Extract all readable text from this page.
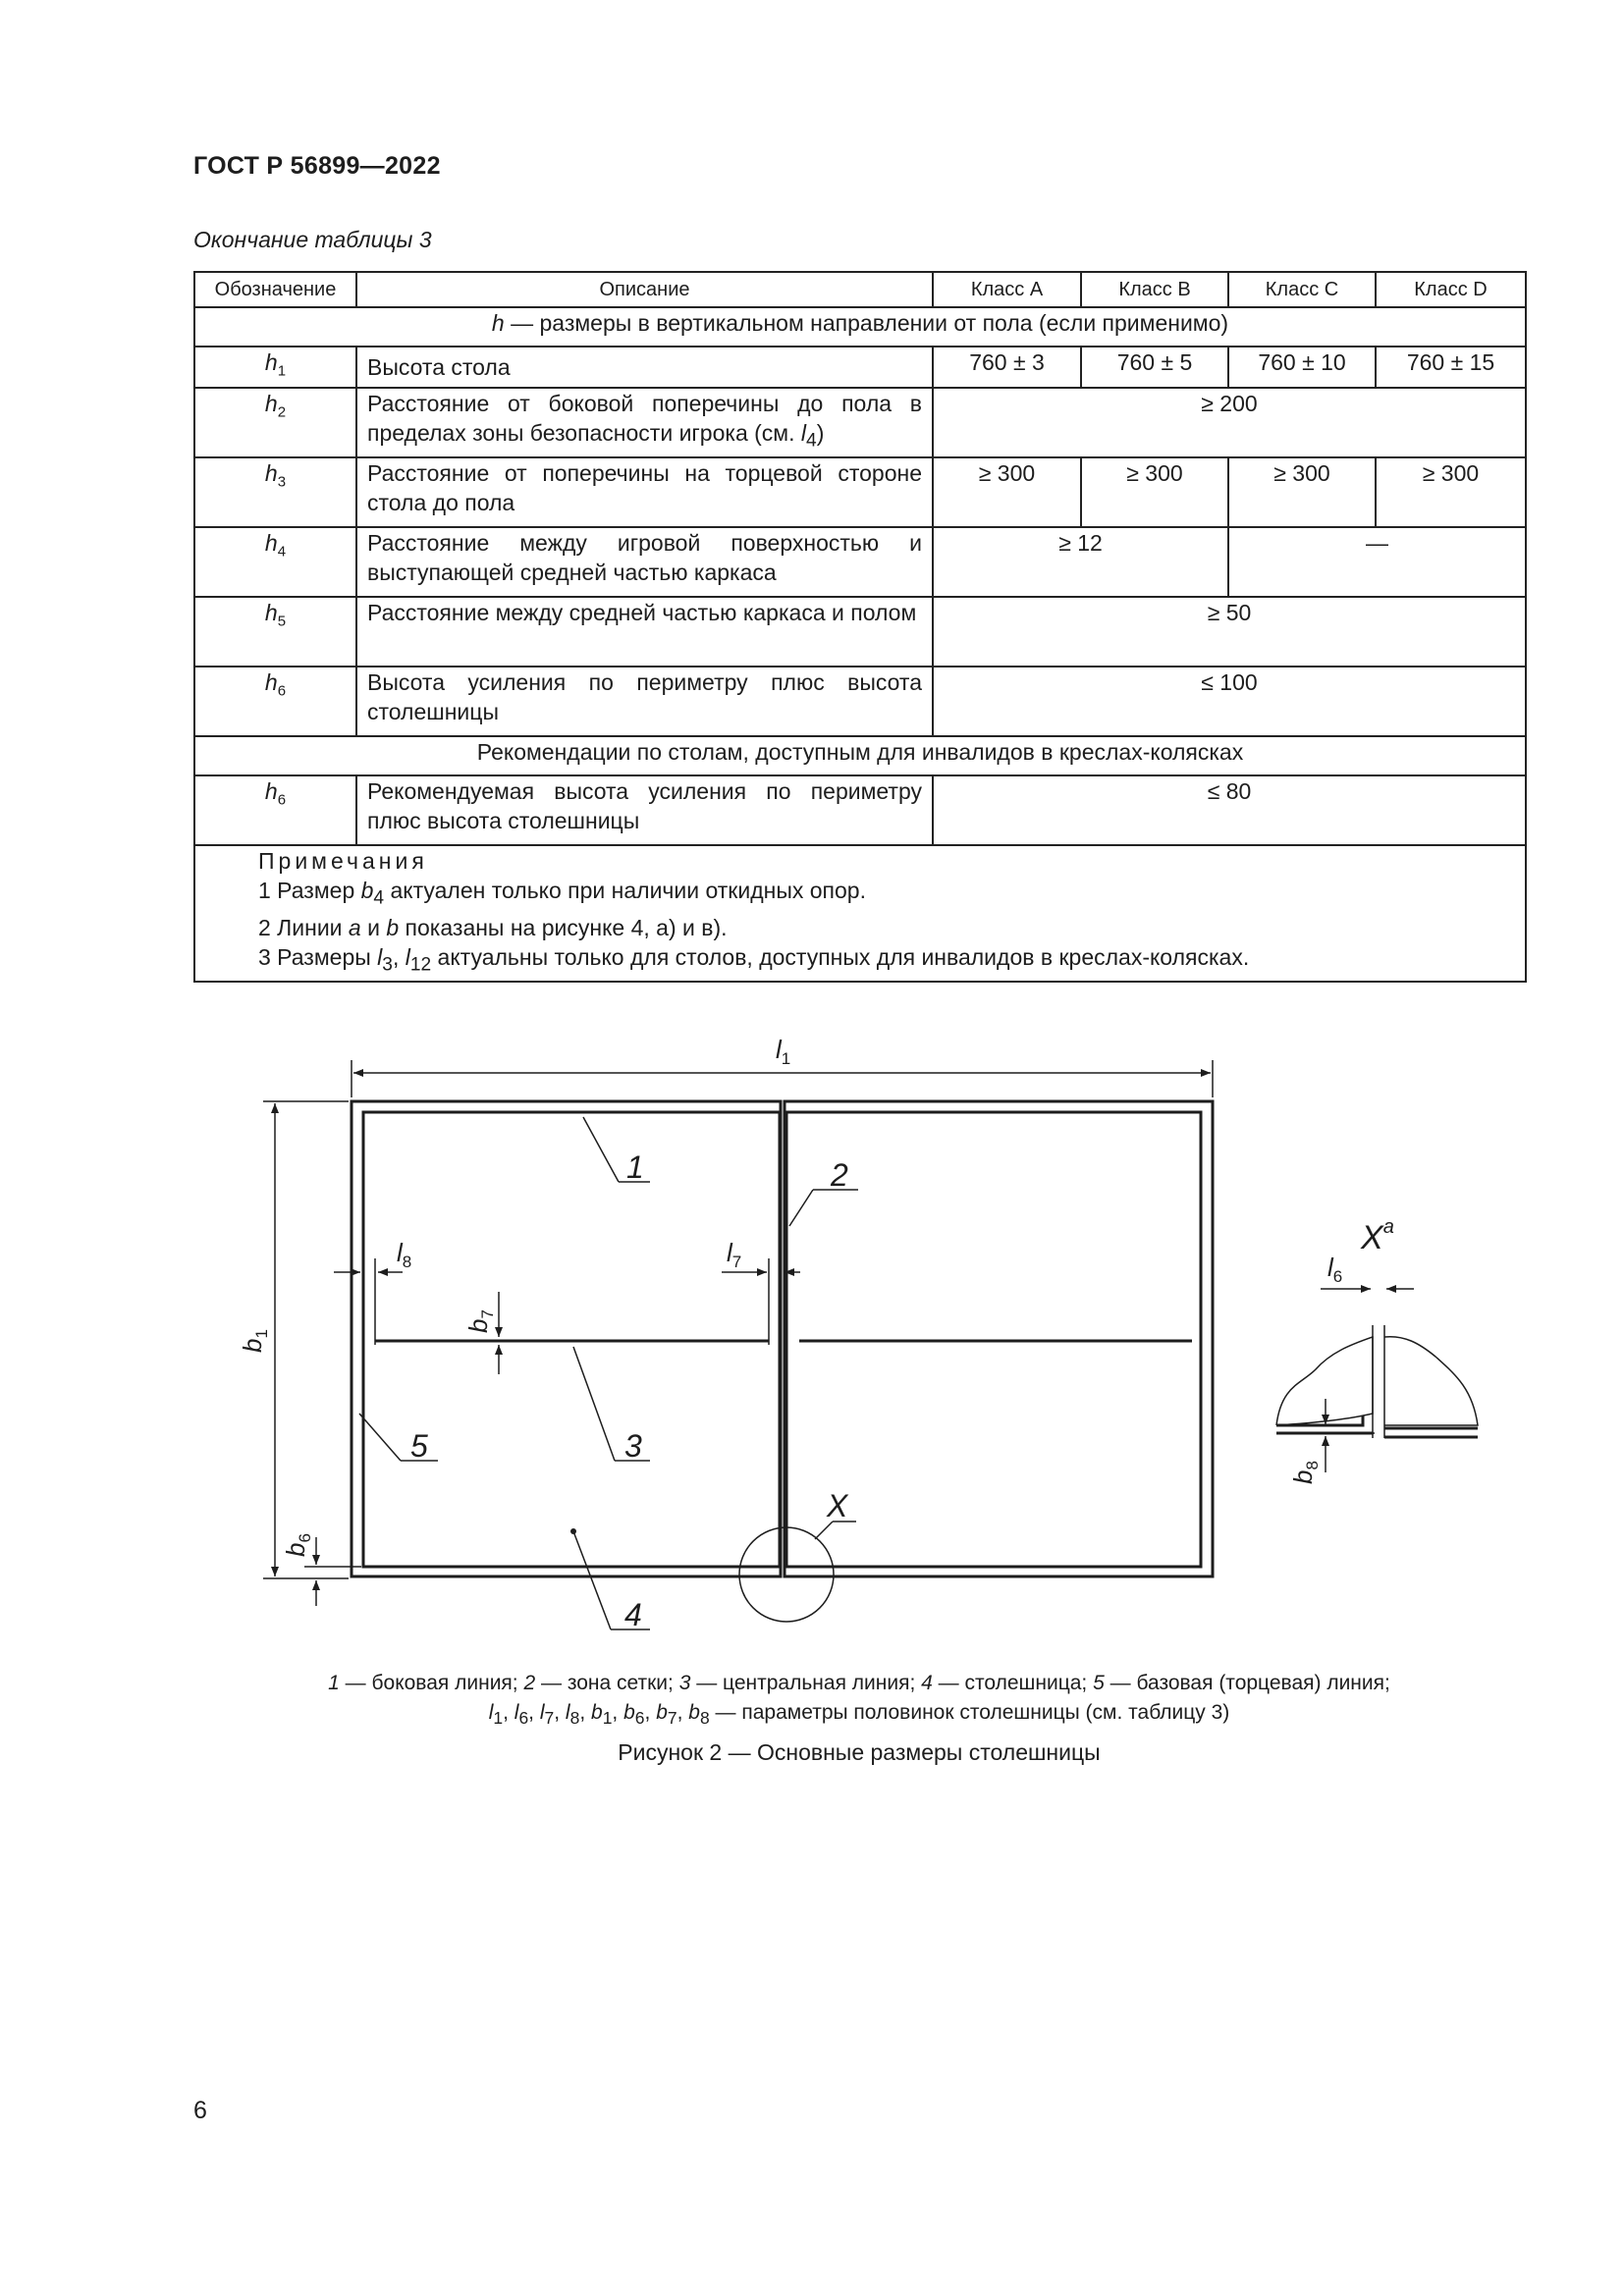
ГОСТ Р 56899—2022
Окончание таблицы 3
Обозначение	Описание	Класс A	Класс B	Класс C	Класс D
h — размеры в вертикальном направлении от пола (если применимо)					
$h_1$	Высота стола	760 ± 3	760 ± 5	760 ± 10	760 ± 15
$h_2$	Расстояние от боковой поперечины до пола в пределах зоны безопасности игрока (см. $l_4$)	≥ 200			
$h_3$	Расстояние от поперечины на торцевой стороне стола до пола	≥ 300	≥ 300	≥ 300	≥ 300
$h_4$	Расстояние между игровой поверхностью и выступающей средней частью каркаса	≥ 12		—	
$h_5$	Расстояние между средней частью каркаса и полом	≥ 50			
$h_6$	Высота усиления по периметру плюс высота столешницы	≤ 100			
Рекомендации по столам, доступным для инвалидов в креслах-колясках					
$h_6$	Рекомендуемая высота усиления по периметру плюс высота столешницы	≤ 80			

Примечания
1 Размер $b_4$ актуален только при наличии откидных опор.
2 Линии a и b показаны на рисунке 4, а) и в).
3 Размеры $l_3$, $l_{12}$ актуальны только для столов, доступных для инвалидов в креслах-колясках.					
$l_1$
$b_1$
$l_8$	$l_7$
$b_7$
$b_6$
1	2
3
5
4
X
$X^a$
$l_6$
$b_8$
1 — боковая линия; 2 — зона сетки; 3 — центральная линия; 4 — столешница; 5 — базовая (торцевая) линия;
$l_1$, $l_6$, $l_7$, $l_8$, $b_1$, $b_6$, $b_7$, $b_8$ — параметры половинок столешницы (см. таблицу 3)
Рисунок 2 — Основные размеры столешницы
6
